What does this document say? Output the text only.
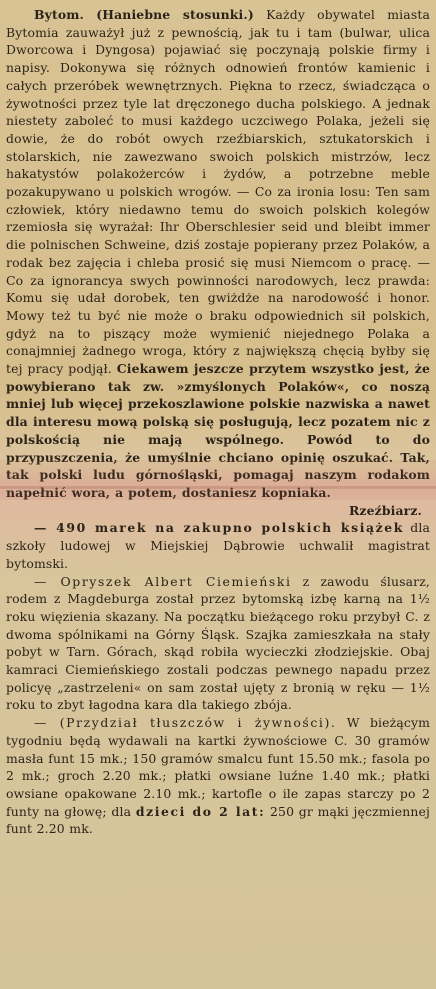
Bytom. (Haniebne stosunki.) Każdy obywatel miasta Bytomia zauważył już z pewnością, jak tu i tam (bulwar, ulica Dworcowa i Dyngosa) pojawiać się poczynają polskie firmy i napisy. Dokonywa się różnych odnowień frontów kamienic i całych przeróbek wewnętrznych. Piękna to rzecz, świadcząca o żywotności przez tyle lat dręczonego ducha polskiego. A jednak niestety zaboleć to musi każdego uczciwego Polaka, jeżeli się dowie, że do robót owych rzeźbiarskich, sztukatorskich i stolarskich, nie zawezwano swoich polskich mistrzów, lecz hakatystów polakożerców i żydów, a potrzebne meble pozakupywano u polskich wrogów. — Co za ironia losu: Ten sam człowiek, który niedawno temu do swoich polskich kolegów rzemiosła się wyrażał: Ihr Oberschlesier seid und bleibt immer die polnischen Schweine, dziś zostaje popierany przez Polaków, a rodak bez zajęcia i chleba prosić się musi Niemcom o pracę. — Co za ignorancya swych powinności narodowych, lecz prawda: Komu się udał dorobek, ten gwiżdże na narodowość i honor. Mowy też tu być nie może o braku odpowiednich sił polskich, gdyż na to piszący może wymienić niejednego Polaka a conajmniej żadnego wroga, który z największą chęcią byłby się tej pracy podjął. Ciekawem jeszcze przytem wszystko jest, że powybierano tak zw. »zmyślonych Polaków«, co noszą mniej lub więcej przekoszlawione polskie nazwiska a nawet dla interesu mową polską się posługują, lecz pozatem nic z polskością nie mają wspólnego. Powód to do przypuszczenia, że umyślnie chciano opinię oszukać. Tak, tak polski ludu górnośląski, pomagaj naszym rodakom napełnić wora, a potem, dostaniesz kopniaka.

Rzeźbiarz.

— 490 marek na zakupno polskich książek dla szkoły ludowej w Miejskiej Dąbrowie uchwalił magistrat bytomski.

— Opryszek Albert Ciemieński z zawodu ślusarz, rodem z Magdeburga został przez bytomską izbę karną na 1½ roku więzienia skazany. Na początku bieżącego roku przybył C. z dwoma spólnikami na Górny Śląsk. Szajka zamieszkała na stały pobyt w Tarn. Górach, skąd robiła wycieczki złodziejskie. Obaj kamraci Ciemieńskiego zostali podczas pewnego napadu przez policyę „zastrzeleni« on sam został ujęty z bronią w ręku — 1½ roku to zbyt łagodna kara dla takiego zbója.

— (Przydział tłuszczów i żywności). W bieżącym tygodniu będą wydawali na kartki żywnościowe C. 30 gramów masła funt 15 mk.; 150 gramów smalcu funt 15.50 mk.; fasola po 2 mk.; groch 2.20 mk.; płatki owsiane luźne 1.40 mk.; płatki owsiane opakowane 2.10 mk.; kartofle o ile zapas starczy po 2 funty na głowę; dla dzieci do 2 lat: 250 gr mąki jęczmiennej funt 2.20 mk.
